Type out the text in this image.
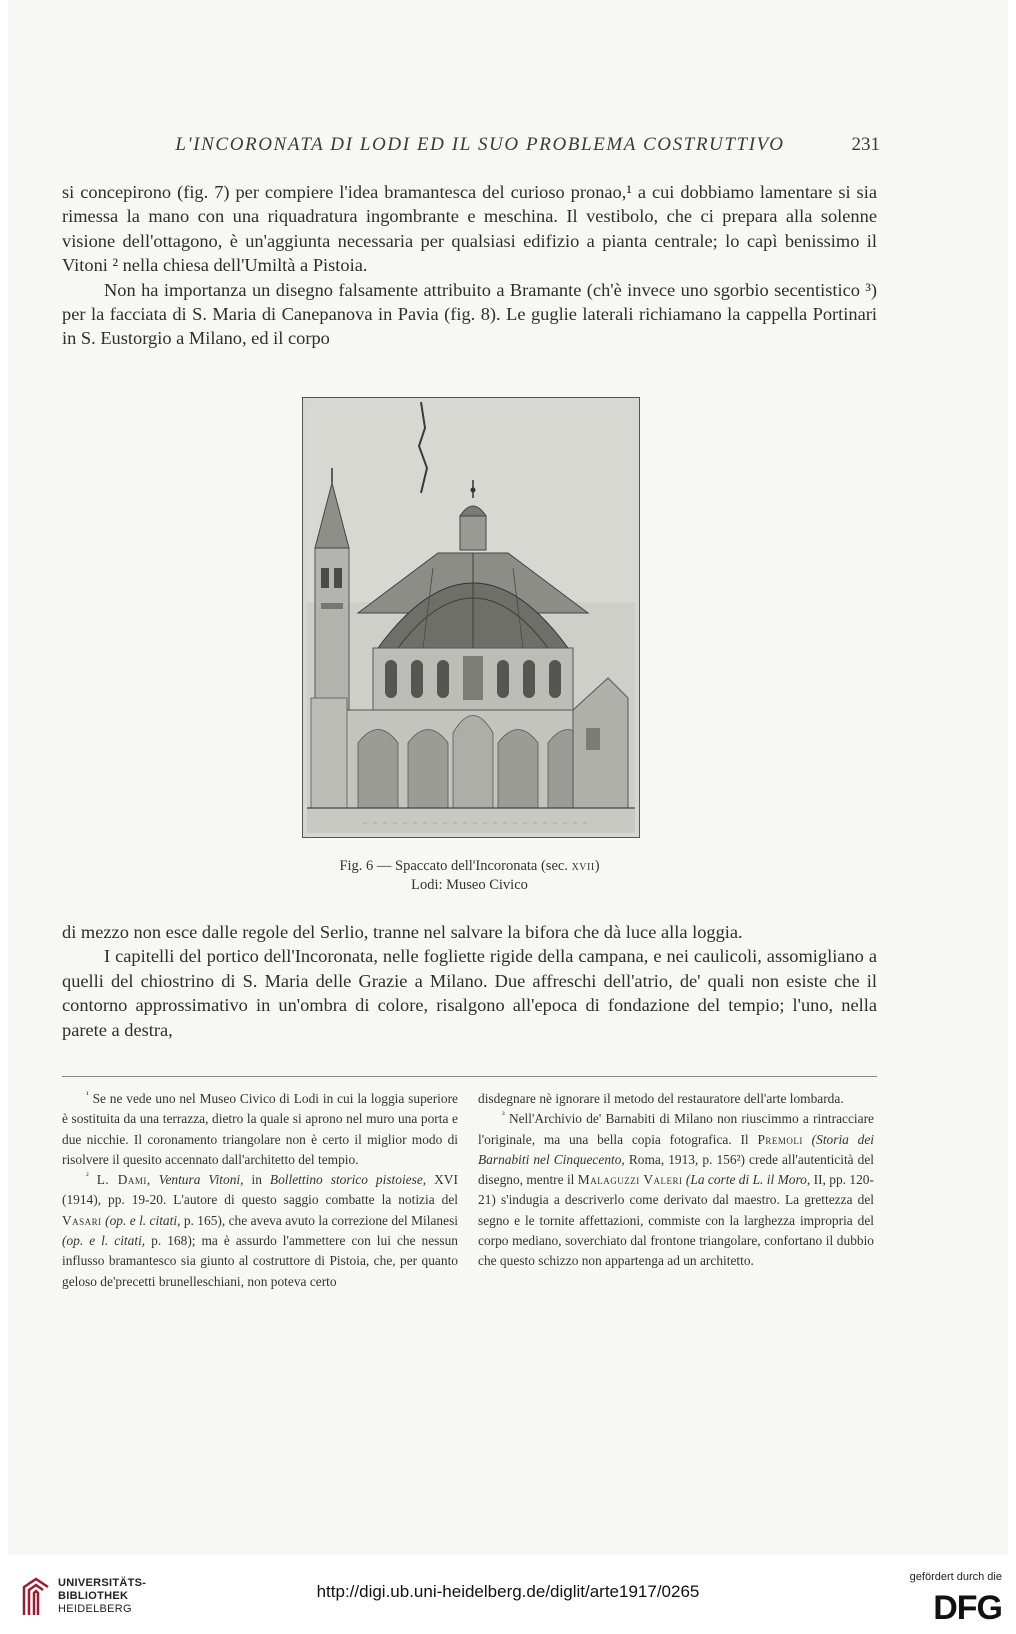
L'INCORONATA DI LODI ED IL SUO PROBLEMA COSTRUTTIVO	231

si concepirono (fig. 7) per compiere l'idea bramantesca del curioso pronao,¹ a cui dobbiamo lamentare si sia rimessa la mano con una riquadratura ingombrante e meschina. Il vestibolo, che ci prepara alla solenne visione dell'ottagono, è un'aggiunta necessaria per qualsiasi edifizio a pianta centrale; lo capì benissimo il Vitoni ² nella chiesa dell'Umiltà a Pistoia.

Non ha importanza un disegno falsamente attribuito a Bramante (ch'è invece uno sgorbio secentistico ³) per la facciata di S. Maria di Canepanova in Pavia (fig. 8). Le guglie laterali richiamano la cappella Portinari in S. Eustorgio a Milano, ed il corpo

Fig. 6 — Spaccato dell'Incoronata (sec. xvii)
Lodi: Museo Civico

di mezzo non esce dalle regole del Serlio, tranne nel salvare la bifora che dà luce alla loggia.

I capitelli del portico dell'Incoronata, nelle fogliette rigide della campana, e nei caulicoli, assomigliano a quelli del chiostrino di S. Maria delle Grazie a Milano. Due affreschi dell'atrio, de' quali non esiste che il contorno approssimativo in un'ombra di colore, risalgono all'epoca di fondazione del tempio; l'uno, nella parete a destra,

$^{^1}$ Se ne vede uno nel Museo Civico di Lodi in cui la loggia superiore è sostituita da una terrazza, dietro la quale si aprono nel muro una porta e due nicchie. Il coronamento triangolare non è certo il miglior modo di risolvere il quesito accennato dall'architetto del tempio.

$^{^2}$ L. Dami, Ventura Vitoni, in Bollettino storico pistoiese, XVI (1914), pp. 19-20. L'autore di questo saggio combatte la notizia del Vasari (op. e l. citati, p. 165), che aveva avuto la correzione del Milanesi (op. e l. citati, p. 168); ma è assurdo l'ammettere con lui che nessun influsso bramantesco sia giunto al costruttore di Pistoia, che, per quanto geloso de'precetti brunelleschiani, non poteva certo

disdegnare nè ignorare il metodo del restauratore dell'arte lombarda.

$^{^3}$ Nell'Archivio de' Barnabiti di Milano non riuscimmo a rintracciare l'originale, ma una bella copia fotografica. Il Premoli (Storia dei Barnabiti nel Cinquecento, Roma, 1913, p. 156²) crede all'autenticità del disegno, mentre il Malaguzzi Valeri (La corte di L. il Moro, II, pp. 120-21) s'indugia a descriverlo come derivato dal maestro. La grettezza del segno e le tornite affettazioni, commiste con la larghezza impropria del corpo mediano, soverchiato dal frontone triangolare, confortano il dubbio che questo schizzo non appartenga ad un architetto.

UNIVERSITÄTS-
BIBLIOTHEK
HEIDELBERG
http://digi.ub.uni-heidelberg.de/diglit/arte1917/0265
gefördert durch die
DFG
